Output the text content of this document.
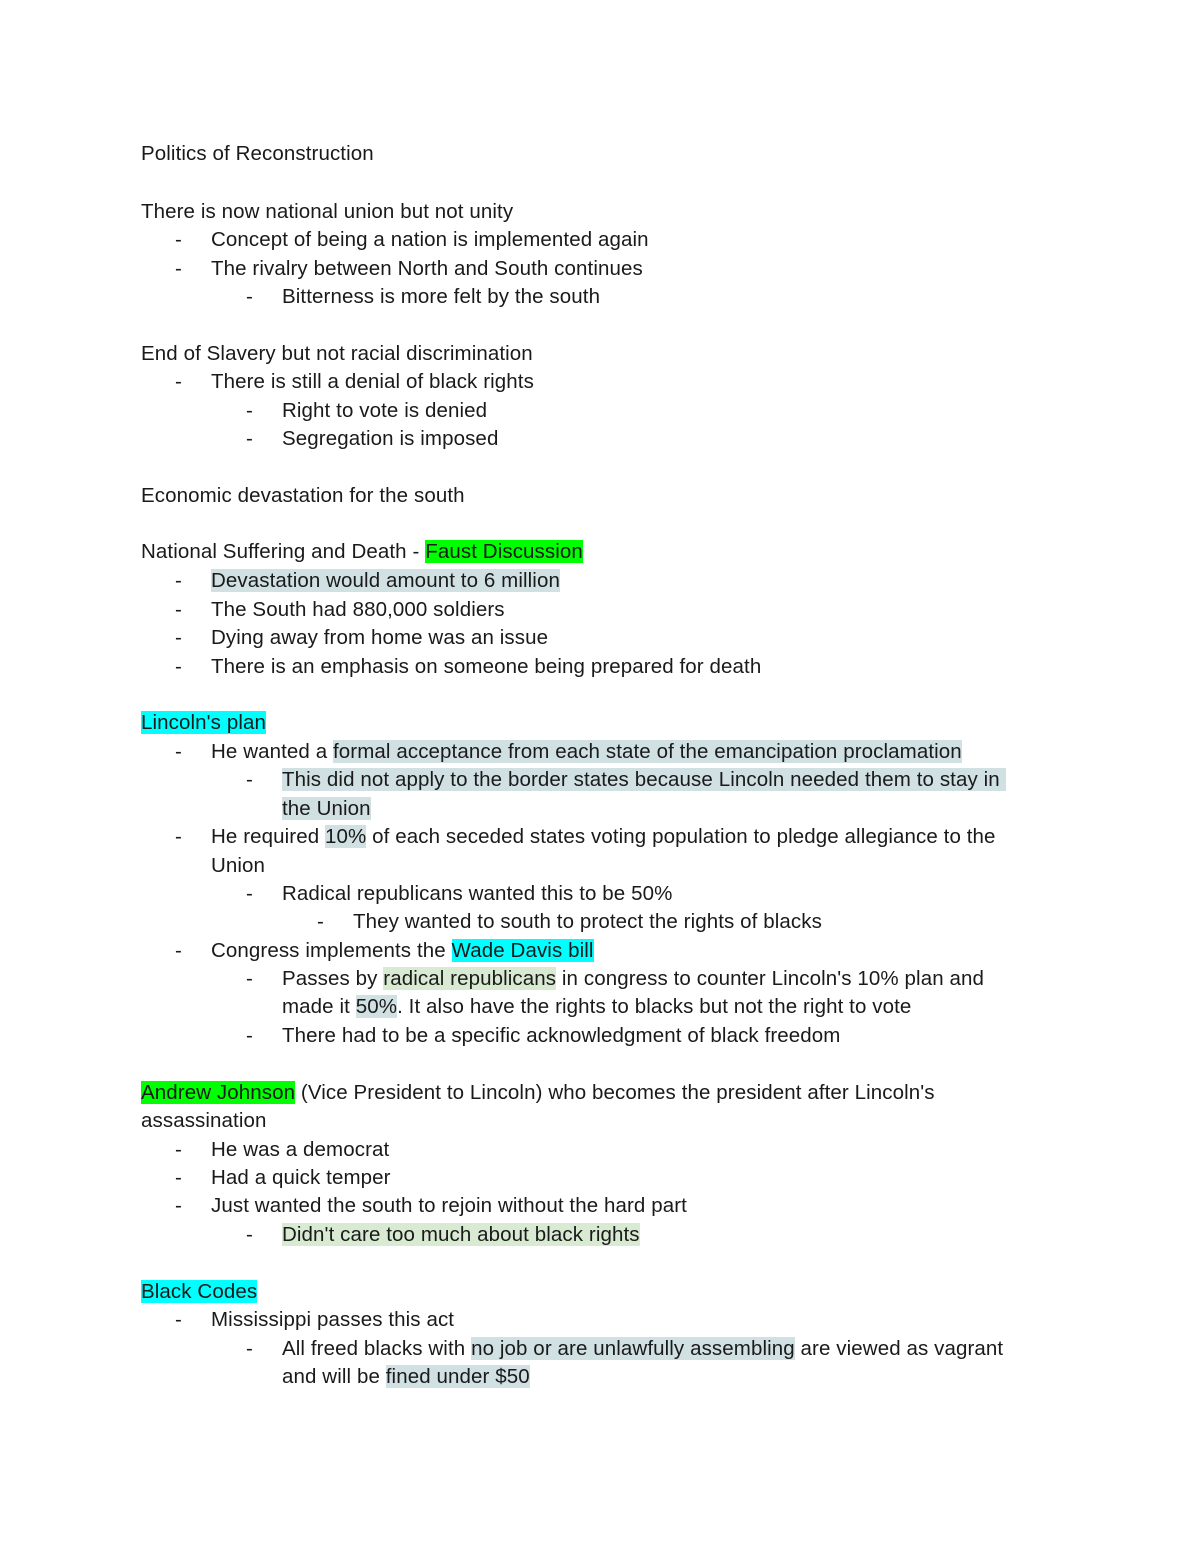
Politics of Reconstruction
There is now national union but not unity
- Concept of being a nation is implemented again
- The rivalry between North and South continues
- Bitterness is more felt by the south
End of Slavery but not racial discrimination
- There is still a denial of black rights
- Right to vote is denied
- Segregation is imposed
Economic devastation for the south
National Suffering and Death - Faust Discussion
- Devastation would amount to 6 million
- The South had 880,000 soldiers
- Dying away from home was an issue
- There is an emphasis on someone being prepared for death
Lincoln's plan
- He wanted a formal acceptance from each state of the emancipation proclamation
- This did not apply to the border states because Lincoln needed them to stay in
the Union
- He required 10% of each seceded states voting population to pledge allegiance to the
Union
- Radical republicans wanted this to be 50%
- They wanted to south to protect the rights of blacks
- Congress implements the Wade Davis bill
- Passes by radical republicans in congress to counter Lincoln's 10% plan and
made it 50%. It also have the rights to blacks but not the right to vote
- There had to be a specific acknowledgment of black freedom
Andrew Johnson (Vice President to Lincoln) who becomes the president after Lincoln's
assassination
- He was a democrat
- Had a quick temper
- Just wanted the south to rejoin without the hard part
- Didn't care too much about black rights
Black Codes
- Mississippi passes this act
- All freed blacks with no job or are unlawfully assembling are viewed as vagrant
and will be fined under $50
